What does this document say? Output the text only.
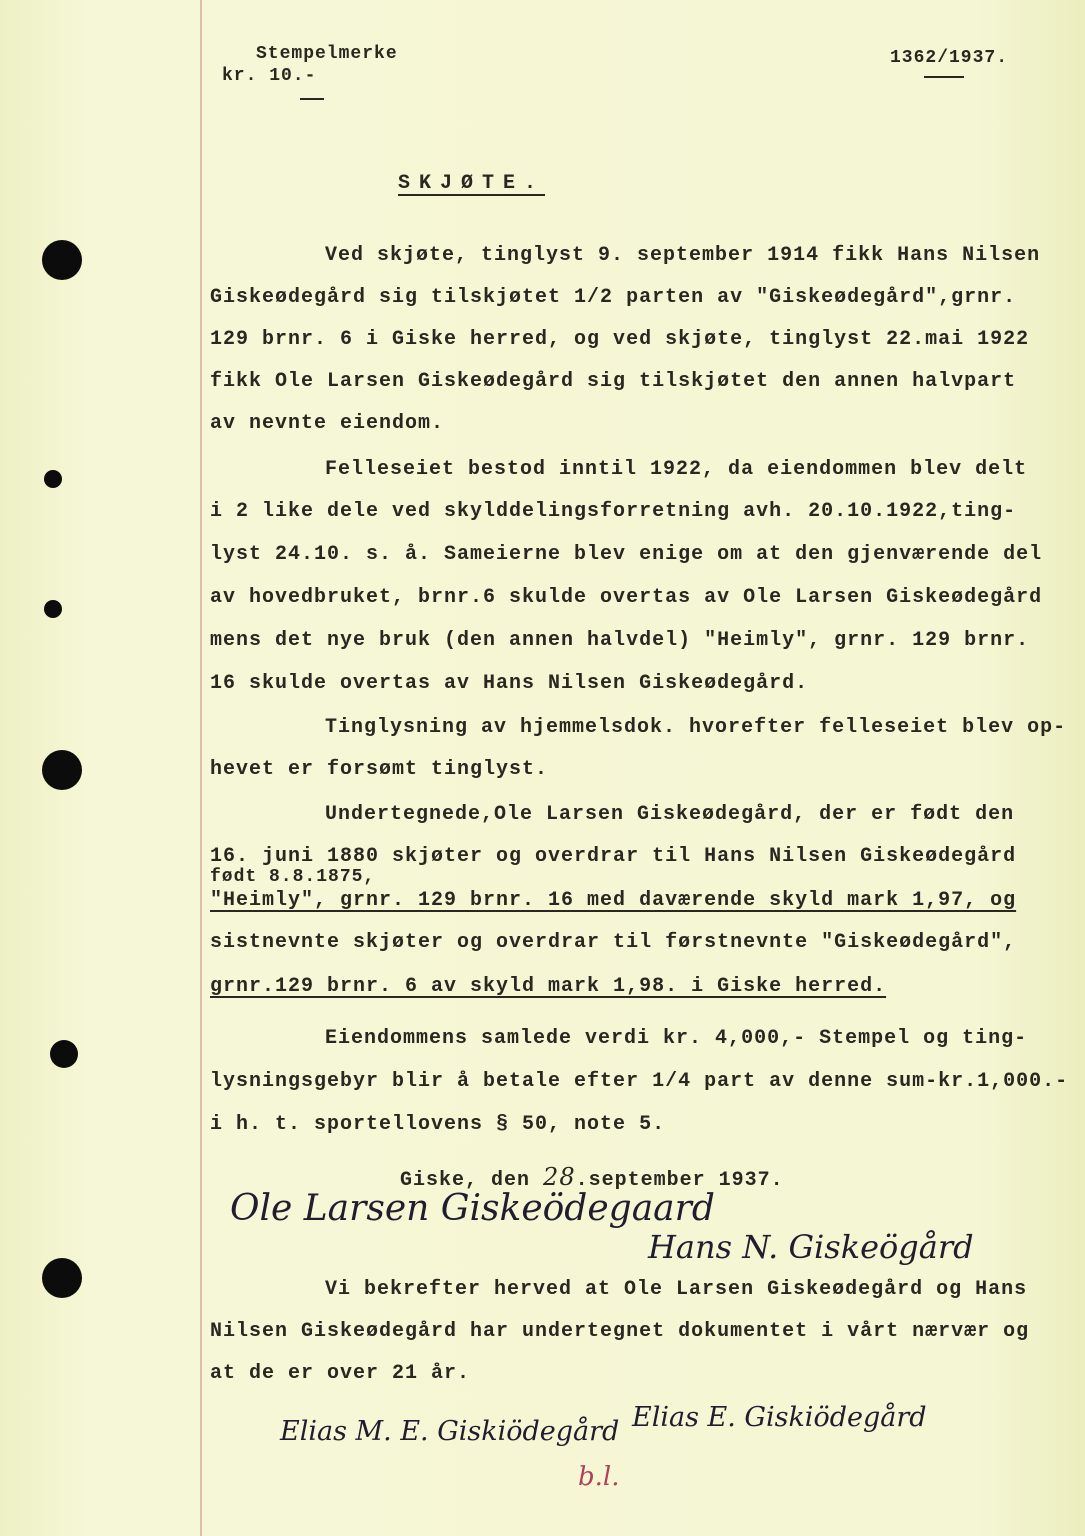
Stempelmerke
kr. 10.-
1362/1937.
SKJØTE.
Ved skjøte, tinglyst 9. september 1914 fikk Hans Nilsen
Giskeødegård sig tilskjøtet 1/2 parten av "Giskeødegård",grnr.
129 brnr. 6 i Giske herred, og ved skjøte, tinglyst 22.mai 1922
fikk Ole Larsen Giskeødegård sig tilskjøtet den annen halvpart
av nevnte eiendom.
Felleseiet bestod inntil 1922, da eiendommen blev delt
i 2 like dele ved skylddelingsforretning avh. 20.10.1922,ting-
lyst 24.10. s. å. Sameierne blev enige om at den gjenværende del
av hovedbruket, brnr.6 skulde overtas av Ole Larsen Giskeødegård
mens det nye bruk (den annen halvdel) "Heimly", grnr. 129 brnr.
16 skulde overtas av Hans Nilsen Giskeødegård.
Tinglysning av hjemmelsdok. hvorefter felleseiet blev op-
hevet er forsømt tinglyst.
Undertegnede,Ole Larsen Giskeødegård, der er født den
16. juni 1880 skjøter og overdrar til Hans Nilsen Giskeødegård
født 8.8.1875,
"Heimly", grnr. 129 brnr. 16 med daværende skyld mark 1,97, og
sistnevnte skjøter og overdrar til førstnevnte "Giskeødegård",
grnr.129 brnr. 6 av skyld mark 1,98. i Giske herred.
Eiendommens samlede verdi kr. 4,000,- Stempel og ting-
lysningsgebyr blir å betale efter 1/4 part av denne sum-kr.1,000.-
i h. t. sportellovens § 50, note 5.
Giske, den 28.september 1937.
Ole Larsen Giskeödegaard
Hans N. Giskeögård
Vi bekrefter herved at Ole Larsen Giskeødegård og Hans
Nilsen Giskeødegård har undertegnet dokumentet i vårt nærvær og
at de er over 21 år.
Elias M. E. Giskiödegård Elias E. Giskiödegård
b.l.
